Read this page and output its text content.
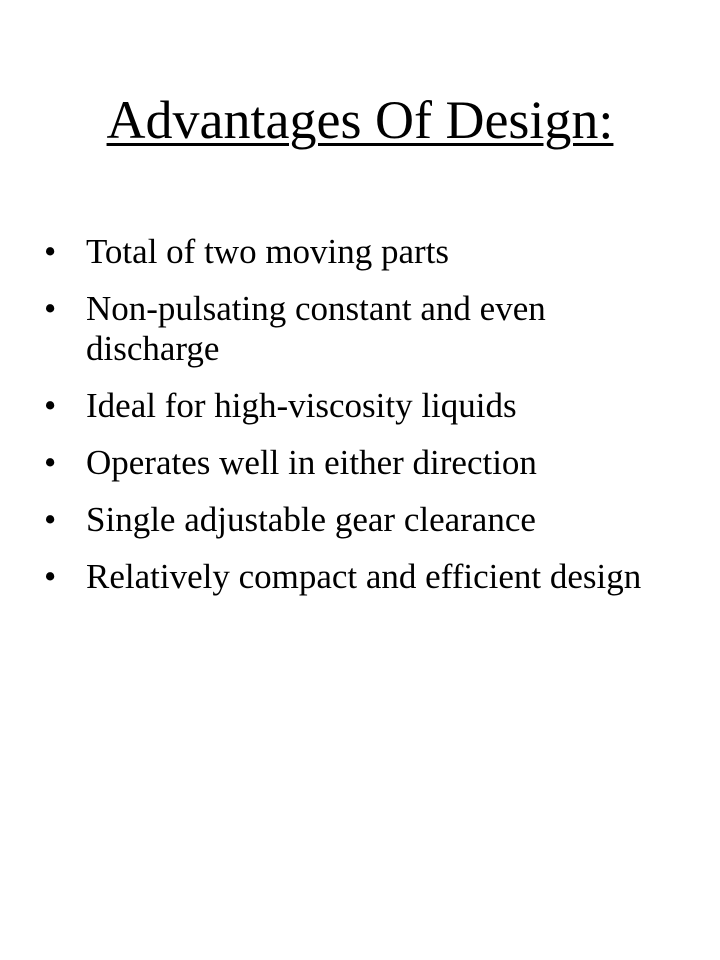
Advantages Of Design:
• Total of two moving parts
• Non-pulsating constant and even discharge
• Ideal for high-viscosity liquids
• Operates well in either direction
• Single adjustable gear clearance
• Relatively compact and efficient design
